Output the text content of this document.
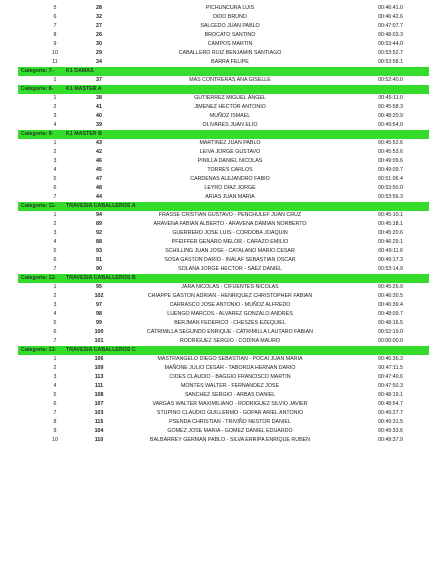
5	28	PICHUNCURA LUIS	00:46:41.0
6	32	DIDO BRUNO	00:46:42.6
7	27	SALCEDO JUAN PABLO	00:47:07.7
8	26	BROCATO SANTINO	00:48:03.3
9	30	CAMPOS MARTIN	00:53:44.0
10	29	CABALLERO RUIZ BENJAMIN SANTIAGO	00:53:52.7
11	34	BARRA FELIPE	00:53:58.1
Categoria: 7- K1 DAMAS
1	37	MAS CONTRERAS ANA GISELLE	00:52:40.0
Categoria: 8- K1 MASTER A
1	38	GUTIERREZ MIGUEL ÁNGEL	00:45:11.0
2	41	JIMENEZ HECTOR ANTONIO	00:45:58.3
3	40	MUÑOZ ISMAEL	00:48:20.9
4	39	OLIVARES JUAN ELIO	00:49:54.0
Categoria: 9- K1 MASTER B
1	43	MARTINEZ JUAN PABLO	00:45:52.6
2	42	LEIVA JORGE GUSTAVO	00:45:53.6
3	46	PINILLA DANIEL NICOLAS	00:49:09.6
4	45	TORRES CARLOS	00:49:09.7
5	47	CARDENAS ALEJANDRO FABIO	00:51:06.4
6	48	LEYRO DIAZ JORGE	00:53:50.0
7	44	ARIAS JUAN MARIA	00:53:56.3
Categoria: 11- TRAVESIA CABALLEROS A
1	94	FRASSE CRISTIAN GUSTAVO - PENCHULEF JUAN CRUZ	00:45:10.1
2	89	ARAVENA FABIAN ALBERTO - ARAVENA DAMIAN NORBERTO	00:45:18.1
3	92	GUERRERO JOSE LUIS - CORDOBA JOAQUIN	00:45:20.6
4	88	PFEIFFER GENARO MELOR - CARAZO EMILIO	00:46:29.1
5	93	SCHILLING JUAN JOSE - CATALANO MARIO CESAR	00:49:11.6
6	91	SOSA GASTON DARIO - INALAF SEBASTIAN OSCAR	00:49:17.3
7	90	SOLANA JORGE HECTOR - SAEZ DANIEL	00:53:14.9
Categoria: 12- TRAVESIA CABALLEROS B
1	95	JARA NICOLAS - CIFUENTES NICOLAS	00:45:26.9
2	102	CHIAPPE GASTON ADRIAN - HENRIQUEZ CHRISTOPHER FABIAN	00:46:30.5
3	97	CARRASCO JOSE ANTONIO - MUÑOZ ALFREDO	00:46:39.4
4	98	LUENGO MARCOS - ALVAREZ GONZALO ANDRES	00:48:09.7
5	99	BERJMAN FEDERICO - CHESZES EZEQUIEL	00:48:16.5
6	100	CATRIMILLA SEGUNDO ENRIQUE - CATRIMILLA LAUTARO FABIAN	00:52:19.0
7	101	RODRIGUEZ SERGIO - CODINA MAURO	00:00:00.0
Categoria: 13- TRAVESIA CABALLEROS C
1	106	MASTRANGELO DIEGO SEBASTIAN - POCAI JUAN MARIA	00:46:36.3
2	109	MAÑONE JULIO CESAR - TABORDA HERNAN DARIO	00:47:11.5
3	113	CIDES CLAUDIO - BAGGIO FRANCISCO MARTIN	00:47:40.6
4	111	MONTES WALTER - FERNANDEZ JOSE	00:47:50.3
5	108	SANCHEZ SERGIO - ARBAS DANIEL	00:48:19.1
6	107	VARGAS WALTER MAXIMILIANO - RODRIGUEZ SILVIO JAVIER	00:48:54.7
7	103	STUPINO CLAUDIO GUILLERMO - GOPAR ARIEL ANTONIO	00:49:27.7
8	115	PSENDA CHRISTIAN - TRIVIÑO NESTOR DANIEL	00:49:31.5
9	104	GOMEZ JOSE MARIA - GOMEZ DANIEL EDUARDO	00:49:33.6
10	110	BALBARREY GERMAN PABLO - SILVA ERRIPA ENRIQUE RUBEN	00:49:37.9
